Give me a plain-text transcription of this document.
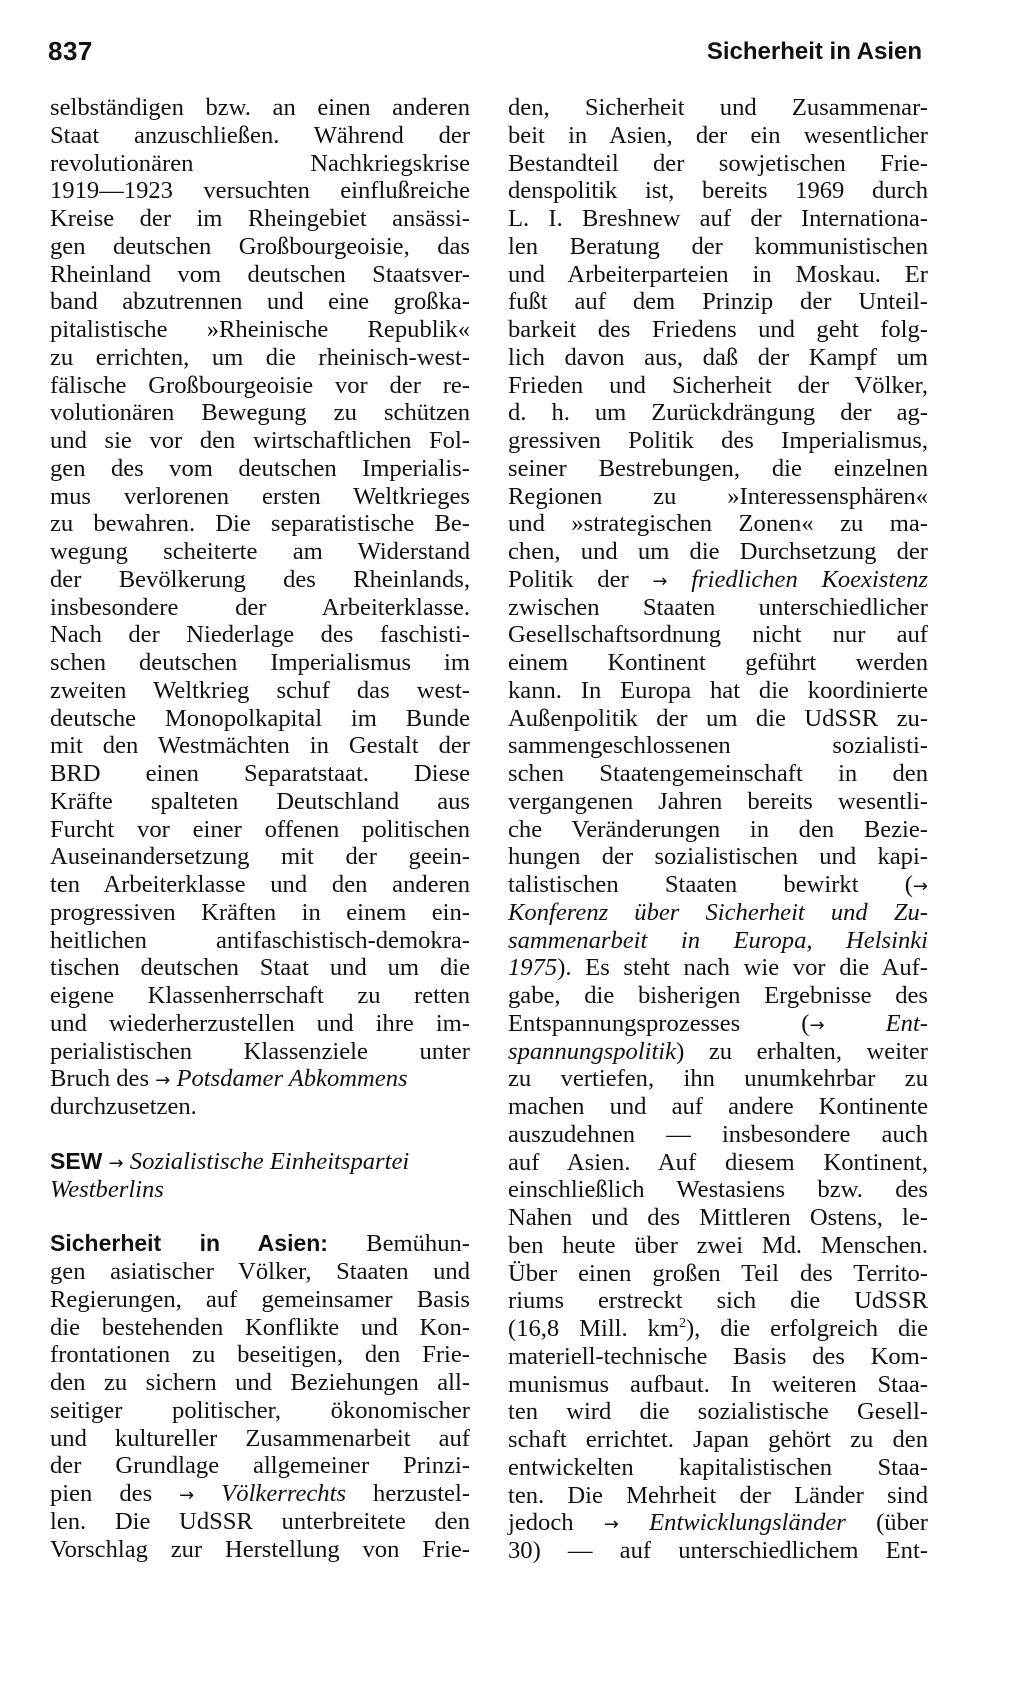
837	Sicherheit in Asien
selbständigen bzw. an einen anderen
Staat anzuschließen. Während der
revolutionären Nachkriegskrise
1919—1923 versuchten einflußreiche
Kreise der im Rheingebiet ansässi-
gen deutschen Großbourgeoisie, das
Rheinland vom deutschen Staatsver-
band abzutrennen und eine großka-
pitalistische »Rheinische Republik«
zu errichten, um die rheinisch-west-
fälische Großbourgeoisie vor der re-
volutionären Bewegung zu schützen
und sie vor den wirtschaftlichen Fol-
gen des vom deutschen Imperialis-
mus verlorenen ersten Weltkrieges
zu bewahren. Die separatistische Be-
wegung scheiterte am Widerstand
der Bevölkerung des Rheinlands,
insbesondere der Arbeiterklasse.
Nach der Niederlage des faschisti-
schen deutschen Imperialismus im
zweiten Weltkrieg schuf das west-
deutsche Monopolkapital im Bunde
mit den Westmächten in Gestalt der
BRD einen Separatstaat. Diese
Kräfte spalteten Deutschland aus
Furcht vor einer offenen politischen
Auseinandersetzung mit der geein-
ten Arbeiterklasse und den anderen
progressiven Kräften in einem ein-
heitlichen antifaschistisch-demokra-
tischen deutschen Staat und um die
eigene Klassenherrschaft zu retten
und wiederherzustellen und ihre im-
perialistischen Klassenziele unter
Bruch des → Potsdamer Abkommens
durchzusetzen.
SEW → Sozialistische Einheitspartei
Westberlins
Sicherheit in Asien: Bemühun-
gen asiatischer Völker, Staaten und
Regierungen, auf gemeinsamer Basis
die bestehenden Konflikte und Kon-
frontationen zu beseitigen, den Frie-
den zu sichern und Beziehungen all-
seitiger politischer, ökonomischer
und kultureller Zusammenarbeit auf
der Grundlage allgemeiner Prinzi-
pien des → Völkerrechts herzustel-
len. Die UdSSR unterbreitete den
Vorschlag zur Herstellung von Frie-
den, Sicherheit und Zusammenar-
beit in Asien, der ein wesentlicher
Bestandteil der sowjetischen Frie-
denspolitik ist, bereits 1969 durch
L. I. Breshnew auf der Internationa-
len Beratung der kommunistischen
und Arbeiterparteien in Moskau. Er
fußt auf dem Prinzip der Unteil-
barkeit des Friedens und geht folg-
lich davon aus, daß der Kampf um
Frieden und Sicherheit der Völker,
d. h. um Zurückdrängung der ag-
gressiven Politik des Imperialismus,
seiner Bestrebungen, die einzelnen
Regionen zu »Interessensphären«
und »strategischen Zonen« zu ma-
chen, und um die Durchsetzung der
Politik der → friedlichen Koexistenz
zwischen Staaten unterschiedlicher
Gesellschaftsordnung nicht nur auf
einem Kontinent geführt werden
kann. In Europa hat die koordinierte
Außenpolitik der um die UdSSR zu-
sammengeschlossenen sozialisti-
schen Staatengemeinschaft in den
vergangenen Jahren bereits wesentli-
che Veränderungen in den Bezie-
hungen der sozialistischen und kapi-
talistischen Staaten bewirkt (→
Konferenz über Sicherheit und Zu-
sammenarbeit in Europa, Helsinki
1975). Es steht nach wie vor die Auf-
gabe, die bisherigen Ergebnisse des
Entspannungsprozesses (→ Ent-
spannungspolitik) zu erhalten, weiter
zu vertiefen, ihn unumkehrbar zu
machen und auf andere Kontinente
auszudehnen — insbesondere auch
auf Asien. Auf diesem Kontinent,
einschließlich Westasiens bzw. des
Nahen und des Mittleren Ostens, le-
ben heute über zwei Md. Menschen.
Über einen großen Teil des Territo-
riums erstreckt sich die UdSSR
(16,8 Mill. $km^2$), die erfolgreich die
materiell-technische Basis des Kom-
munismus aufbaut. In weiteren Staa-
ten wird die sozialistische Gesell-
schaft errichtet. Japan gehört zu den
entwickelten kapitalistischen Staa-
ten. Die Mehrheit der Länder sind
jedoch → Entwicklungsländer (über
30) — auf unterschiedlichem Ent-
